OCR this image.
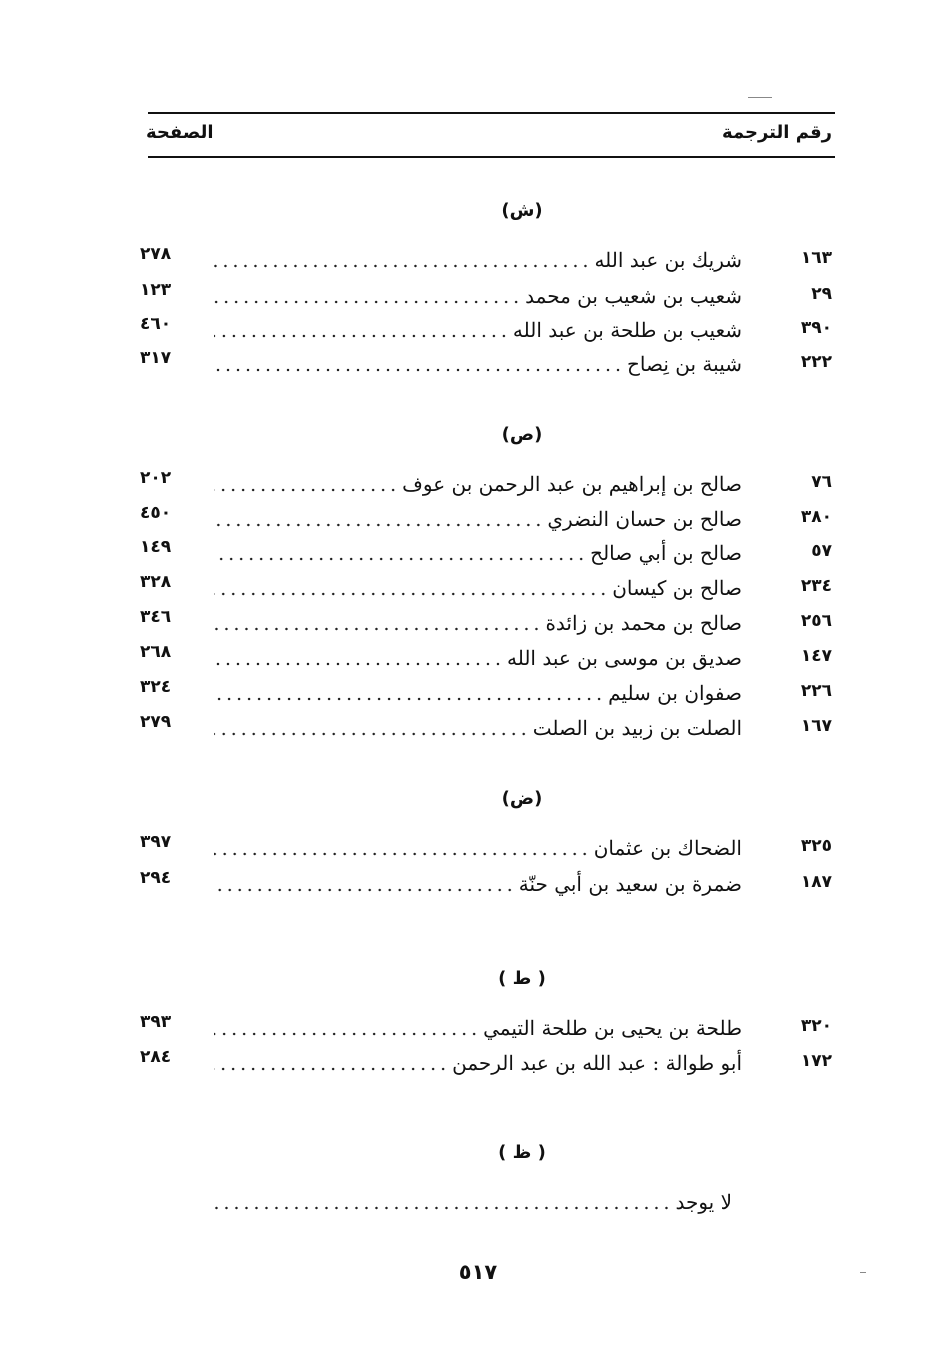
رقم الترجمة
الصفحة
(ش)
١٦٣
شريك بن عبد الله
٢٧٨
٢٩
شعيب بن شعيب بن محمد
١٢٣
٣٩٠
شعيب بن طلحة بن عبد الله
٤٦٠
٢٢٢
شيبة بن نِصاح
٣١٧
(ص)
٧٦
صالح بن إبراهيم بن عبد الرحمن بن عوف
٢٠٢
٣٨٠
صالح بن حسان النضري
٤٥٠
٥٧
صالح بن أبي صالح
١٤٩
٢٣٤
صالح بن كيسان
٣٢٨
٢٥٦
صالح بن محمد بن زائدة
٣٤٦
١٤٧
صديق بن موسى بن عبد الله
٢٦٨
٢٢٦
صفوان بن سليم
٣٢٤
١٦٧
الصلت بن زبيد بن الصلت
٢٧٩
(ض)
٣٢٥
الضحاك بن عثمان
٣٩٧
١٨٧
ضمرة بن سعيد بن أبي حنّة
٢٩٤
( ط )
٣٢٠
طلحة بن يحيى بن طلحة التيمي
٣٩٣
١٧٢
أبو طوالة : عبد الله بن عبد الرحمن
٢٨٤
( ظ )
لا يوجد
٥١٧
